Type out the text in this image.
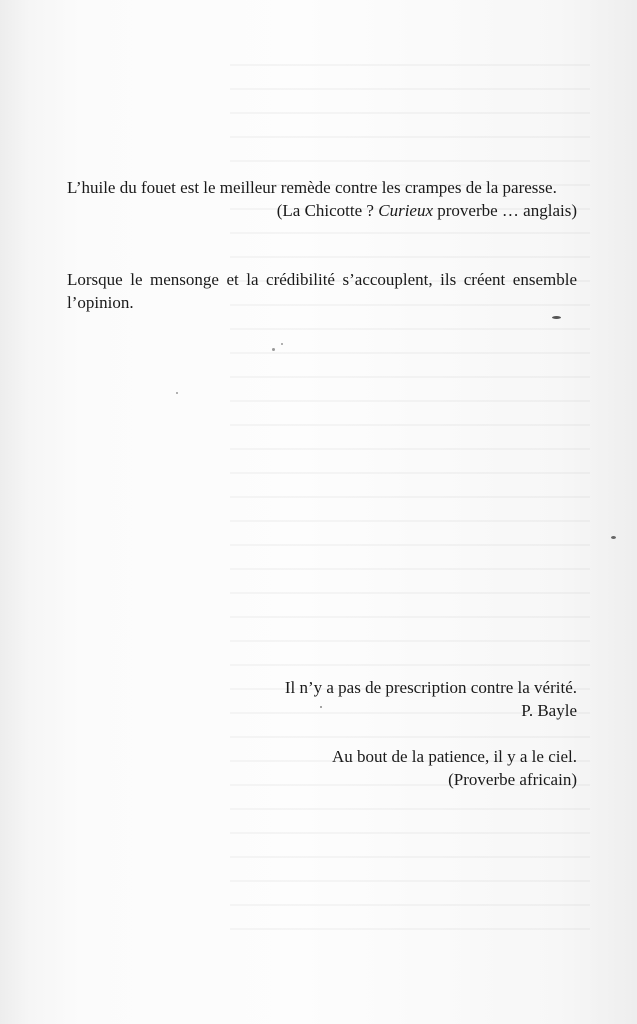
L’huile du fouet est le meilleur remède contre les crampes de la paresse.

(La Chicotte ? Curieux proverbe … anglais)

Lorsque le mensonge et la crédibilité s’accouplent, ils créent ensemble l’opinion.

Il n’y a pas de prescription contre la vérité.
P. Bayle
Au bout de la patience, il y a le ciel.
(Proverbe africain)
